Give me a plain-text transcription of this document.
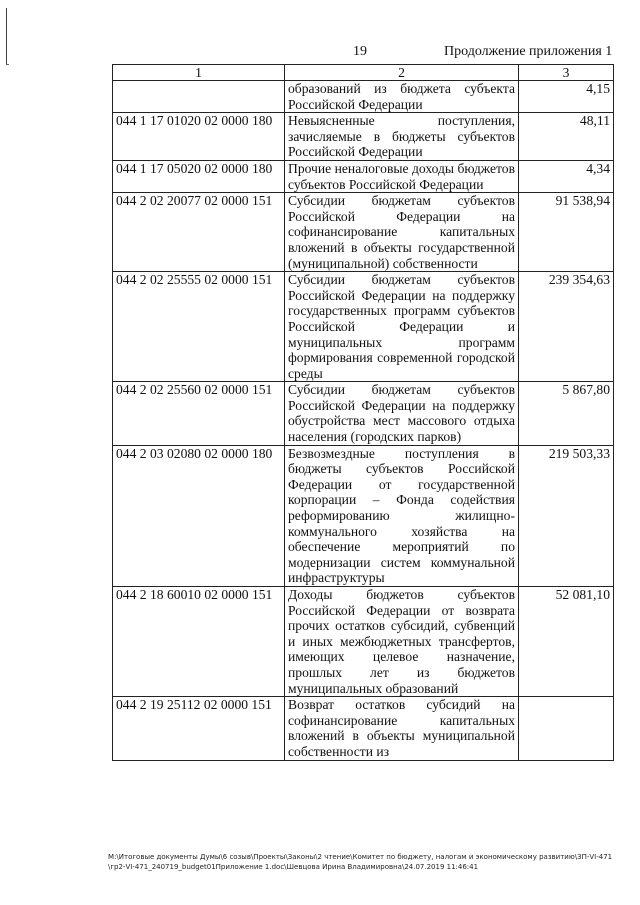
19	Продолжение приложения 1
1	2	3
	образований из бюджета субъекта Российской Федерации	4,15
044 1 17 01020 02 0000 180	Невыясненные поступления, зачисляемые в бюджеты субъектов Российской Федерации	48,11
044 1 17 05020 02 0000 180	Прочие неналоговые доходы бюджетов субъектов Российской Федерации	4,34
044 2 02 20077 02 0000 151	Субсидии бюджетам субъектов Российской Федерации на софинансирование капитальных вложений в объекты государственной (муниципальной) собственности	91 538,94
044 2 02 25555 02 0000 151	Субсидии бюджетам субъектов Российской Федерации на поддержку государственных программ субъектов Российской Федерации и муниципальных программ формирования современной городской среды	239 354,63
044 2 02 25560 02 0000 151	Субсидии бюджетам субъектов Российской Федерации на поддержку обустройства мест массового отдыха населения (городских парков)	5 867,80
044 2 03 02080 02 0000 180	Безвозмездные поступления в бюджеты субъектов Российской Федерации от государственной корпорации – Фонда содействия реформированию жилищно-коммунального хозяйства на обеспечение мероприятий по модернизации систем коммунальной инфраструктуры	219 503,33
044 2 18 60010 02 0000 151	Доходы бюджетов субъектов Российской Федерации от возврата прочих остатков субсидий, субвенций и иных межбюджетных трансфертов, имеющих целевое назначение, прошлых лет из бюджетов муниципальных образований	52 081,10
044 2 19 25112 02 0000 151	Возврат остатков субсидий на софинансирование капитальных вложений в объекты муниципальной собственности из	
M:\Итоговые документы Думы\6 созыв\Проекты\Законы\2 чтение\Комитет по бюджету, налогам и экономическому развитию\ЗП-VI-471\гр2-VI-471_240719_budget01Приложение 1.doc\Шевцова Ирина Владимировна\24.07.2019 11:46:41
